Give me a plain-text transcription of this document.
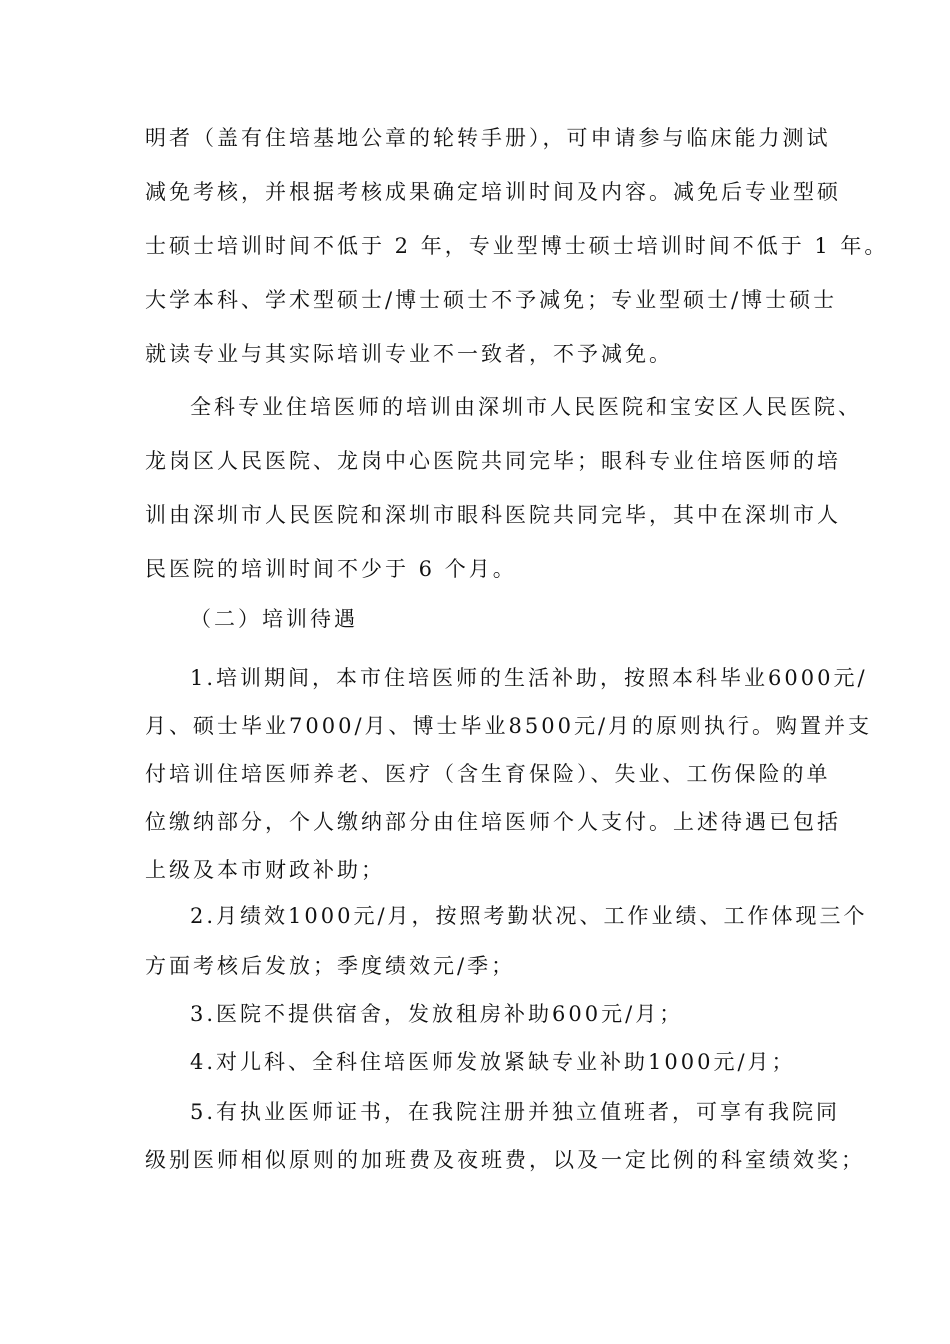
明者（盖有住培基地公章的轮转手册），可申请参与临床能力测试
减免考核，并根据考核成果确定培训时间及内容。减免后专业型硕
士硕士培训时间不低于 2 年，专业型博士硕士培训时间不低于 1 年。
大学本科、学术型硕士/博士硕士不予减免；专业型硕士/博士硕士
就读专业与其实际培训专业不一致者，不予减免。
全科专业住培医师的培训由深圳市人民医院和宝安区人民医院、
龙岗区人民医院、龙岗中心医院共同完毕；眼科专业住培医师的培
训由深圳市人民医院和深圳市眼科医院共同完毕，其中在深圳市人
民医院的培训时间不少于 6 个月。
（二）培训待遇
1.培训期间，本市住培医师的生活补助，按照本科毕业6000元/
月、硕士毕业7000/月、博士毕业8500元/月的原则执行。购置并支
付培训住培医师养老、医疗（含生育保险）、失业、工伤保险的单
位缴纳部分，个人缴纳部分由住培医师个人支付。上述待遇已包括
上级及本市财政补助；
2.月绩效1000元/月，按照考勤状况、工作业绩、工作体现三个
方面考核后发放；季度绩效元/季；
3.医院不提供宿舍，发放租房补助600元/月；
4.对儿科、全科住培医师发放紧缺专业补助1000元/月；
5.有执业医师证书，在我院注册并独立值班者，可享有我院同
级别医师相似原则的加班费及夜班费，以及一定比例的科室绩效奖；
